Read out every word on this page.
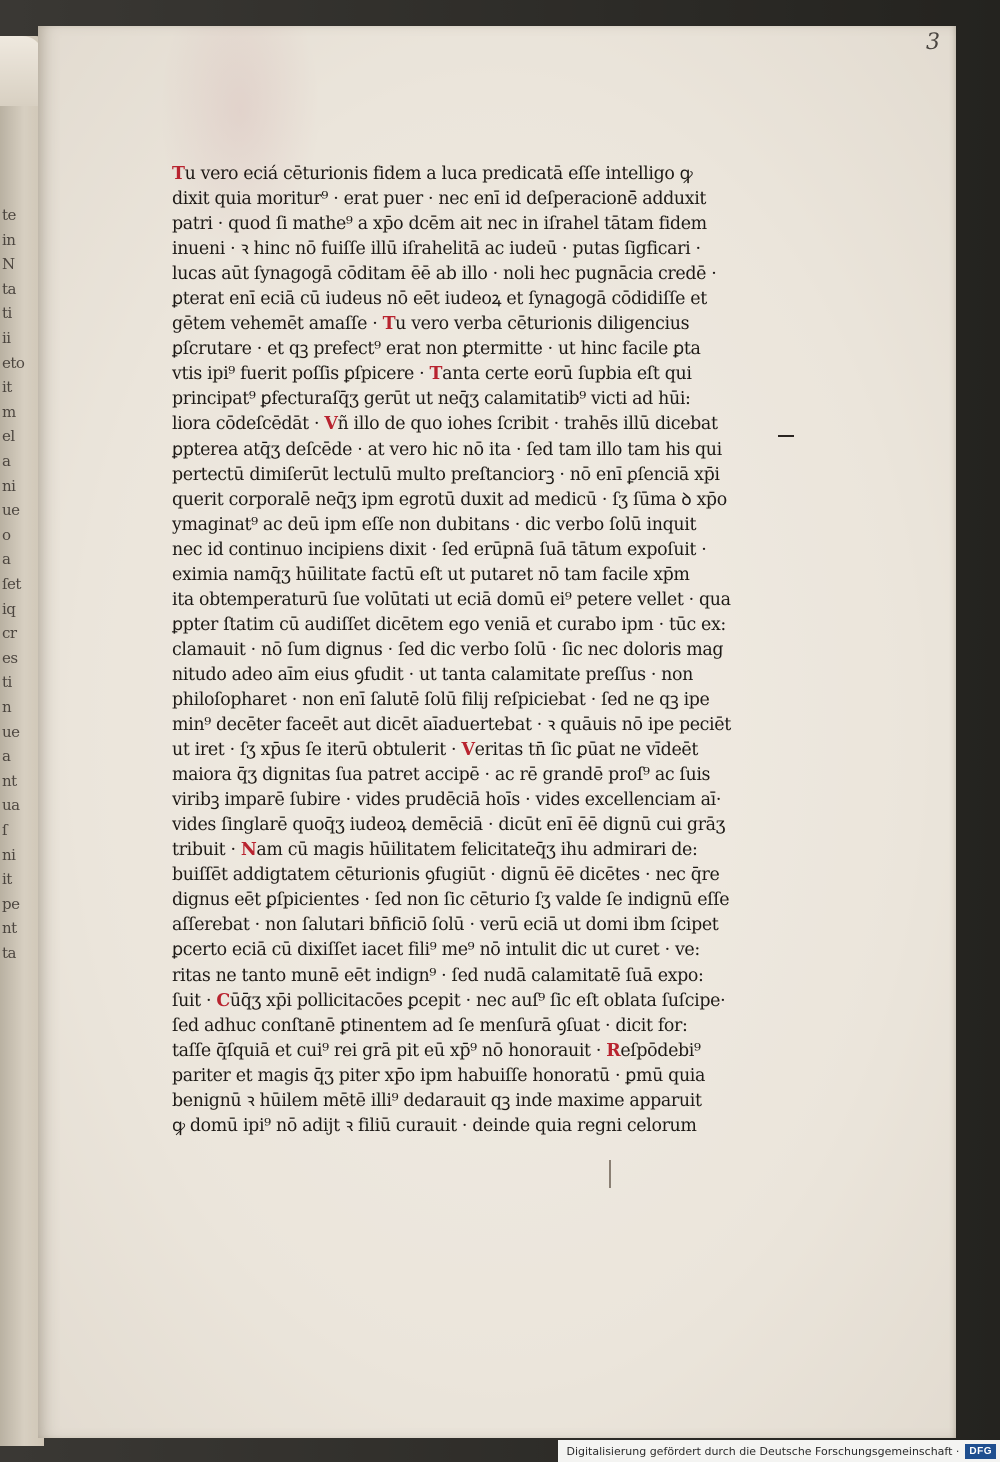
te
in
N
ta
ti
ii
eto
it
m
el
a
ni
ue
o
a
ſet
iq
cr
es
ti
n
ue
a
nt
ua
ſ
ni
it
pe
nt
ta
3
Tu vero eciá cēturionis fidem a luca predicatā eſſe intelligo ꝙ
dixit quia moritur⁹ · erat puer · nec enī id deſperacionē̄ adduxit
patri · quod ſi mathe⁹ a xp̄o dcēm ait nec in iſrahel tātam fidem
inueni · ꝛ hinc nō fuiſſe illū iſrahelitā ac iudeū · putas ſigficari ·
lucas aūt ſynagogā cōditam ēē ab illo · noli hec pugnācia credē ·
ꝑterat enī eciā cū iudeus nō eēt iudeoꝝ et ſynagogā cōdidiſſe et
gētem vehemēt amaſſe · Tu vero verba cēturionis diligencius
ꝑſcrutare · et qꝫ prefect⁹ erat non ꝑtermitte · ut hinc facile ꝑta
vtis ipi⁹ fuerit poſſis ꝑſpicere · Tanta certe eorū ſupbia eſt qui
principat⁹ ꝑfecturaſq̄ʒ gerūt ut neq̄ʒ calamitatib⁹ victi ad hūi:
liora cōdeſcēdāt · Vñ illo de quo iohes ſcribit · trahēs illū dicebat
ꝑpterea atq̄ʒ deſcēde · at vero hic nō ita · ſed tam illo tam his qui
pertectū dimiſerūt lectulū multo preſtanciorꝫ · nō enī ꝑſenciā xp̄i
querit corporalē neq̄ʒ ipm egrotū duxit ad medicū · ſʒ ſūma ꝺ xp̄o
ymaginat⁹ ac deū ipm eſſe non dubitans · dic verbo ſolū inquit
nec id continuo incipiens dixit · ſed erūpnā ſuā tātum expoſuit ·
eximia namq̄ʒ hūilitate factū eſt ut putaret nō tam facile xp̄m
ita obtemperaturū ſue volūtati ut eciā domū ei⁹ petere vellet · qua
ꝑpter ſtatim cū audiſſet dicētem ego veniā et curabo ipm · tūc ex:
clamauit · nō ſum dignus · ſed dic verbo ſolū · ſic nec doloris mag
nitudo adeo aīm eius ꝯfudit · ut tanta calamitate preſſus · non
philoſopharet · non enī ſalutē ſolū filij reſpiciebat · ſed ne qꝫ ipe
min⁹ decēter faceēt aut dicēt aīaduertebat · ꝛ quāuis nō ipe peciēt
ut iret · ſʒ xp̄us ſe iterū obtulerit · Veritas tn̄ ſic ꝑūat ne vīdeēt
maiora q̄ʒ dignitas ſua patret accipē · ac rē grandē proſ⁹ ac ſuis
viribꝫ imparē ſubire · vides prudēciā hoīs · vides excellenciam aī·
vides ſinglarē quoq̄ʒ iudeoꝝ demēciā · dicūt enī ēē dignū cui grāʒ
tribuit · Nam cū magis hūilitatem felicitateq̄ʒ ihu admirari de:
buiſſēt addigtatem cēturionis ꝯfugiūt · dignū ēē dicētes · nec q̄re
dignus eēt ꝑſpicientes · ſed non ſic cēturio ſʒ valde ſe indignū eſſe
aſſerebat · non ſalutari bn̄ficiō ſolū · verū eciā ut domi ibm ſcipet
ꝑcerto eciā cū dixiſſet iacet fili⁹ me⁹ nō intulit dic ut curet · ve:
ritas ne tanto munē eēt indign⁹ · ſed nudā calamitatē ſuā expo:
ſuit · Cūq̄ʒ xp̄i pollicitacōes ꝑcepit · nec auſ⁹ ſic eſt oblata ſuſcipe·
ſed adhuc conſtanē ꝑtinentem ad ſe menſurā ꝯſuat · dicit for:
taſſe q̄ſquiā et cui⁹ rei grā pit eū xp̄⁹ nō honorauit · Reſpōdebi⁹
pariter et magis q̄ʒ piter xp̄o ipm habuiſſe honoratū · ꝑmū quia
benignū ꝛ hūilem mētē illi⁹ dedarauit qꝫ inde maxime apparuit
ꝙ domū ipi⁹ nō adijt ꝛ filiū curauit · deinde quia regni celorum
Digitalisierung gefördert durch die Deutsche Forschungsgemeinschaft ·	DFG
